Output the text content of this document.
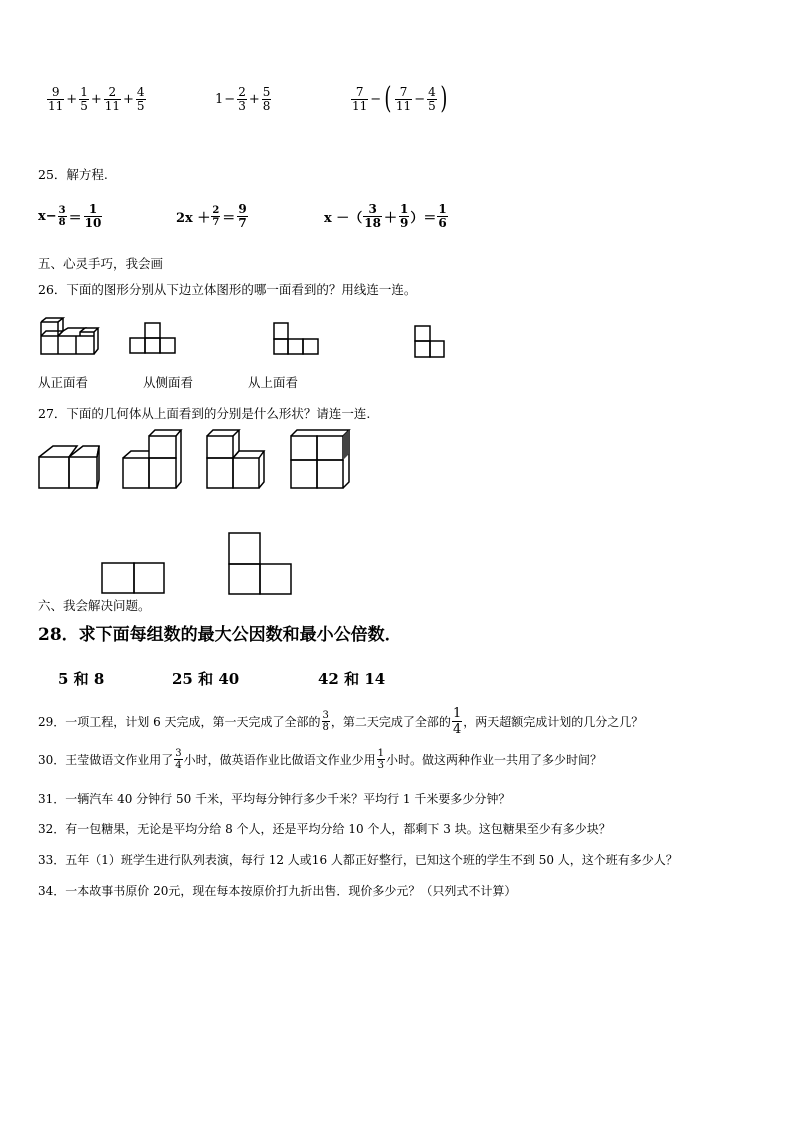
$\frac{9}{11} + \frac{1}{5} + \frac{2}{11} + \frac{4}{5}$	$1 - \frac{2}{3} + \frac{5}{8}$	$\frac{7}{11}$ − ( $\frac{7}{11} - \frac{4}{5}$ )
25．解方程.
$x- \frac{3}{8} = \frac{1}{10}$	$2x + \frac{2}{7} = \frac{9}{7}$	x －（ $\frac{3}{18} + \frac{1}{9}$ ）＝ $\frac{1}{6}$
五、心灵手巧，我会画
26．下面的图形分别从下边立体图形的哪一面看到的？用线连一连。
从正面看	从侧面看	从上面看
27．下面的几何体从上面看到的分别是什么形状？请连一连.
六、我会解决问题。
28．求下面每组数的最大公因数和最小公倍数．
5 和 8	25 和 40	42 和 14
29．一项工程，计划 6 天完成，第一天完成了全部的 $\frac{3}{8}$ ，第二天完成了全部的 $\frac{1}{4}$ ，两天超额完成计划的几分之几？
30．王莹做语文作业用了 $\frac{3}{4}$ 小时，做英语作业比做语文作业少用 $\frac{1}{3}$ 小时。做这两种作业一共用了多少时间？
31．一辆汽车 40 分钟行 50 千米，平均每分钟行多少千米？平均行 1 千米要多少分钟？
32．有一包糖果，无论是平均分给 8 个人，还是平均分给 10 个人，都剩下 3 块。这包糖果至少有多少块？
33．五年（1）班学生进行队列表演，每行 12 人或16 人都正好整行，已知这个班的学生不到 50 人，这个班有多少人？
34．一本故事书原价 20元，现在每本按原价打九折出售．现价多少元？（只列式不计算）
